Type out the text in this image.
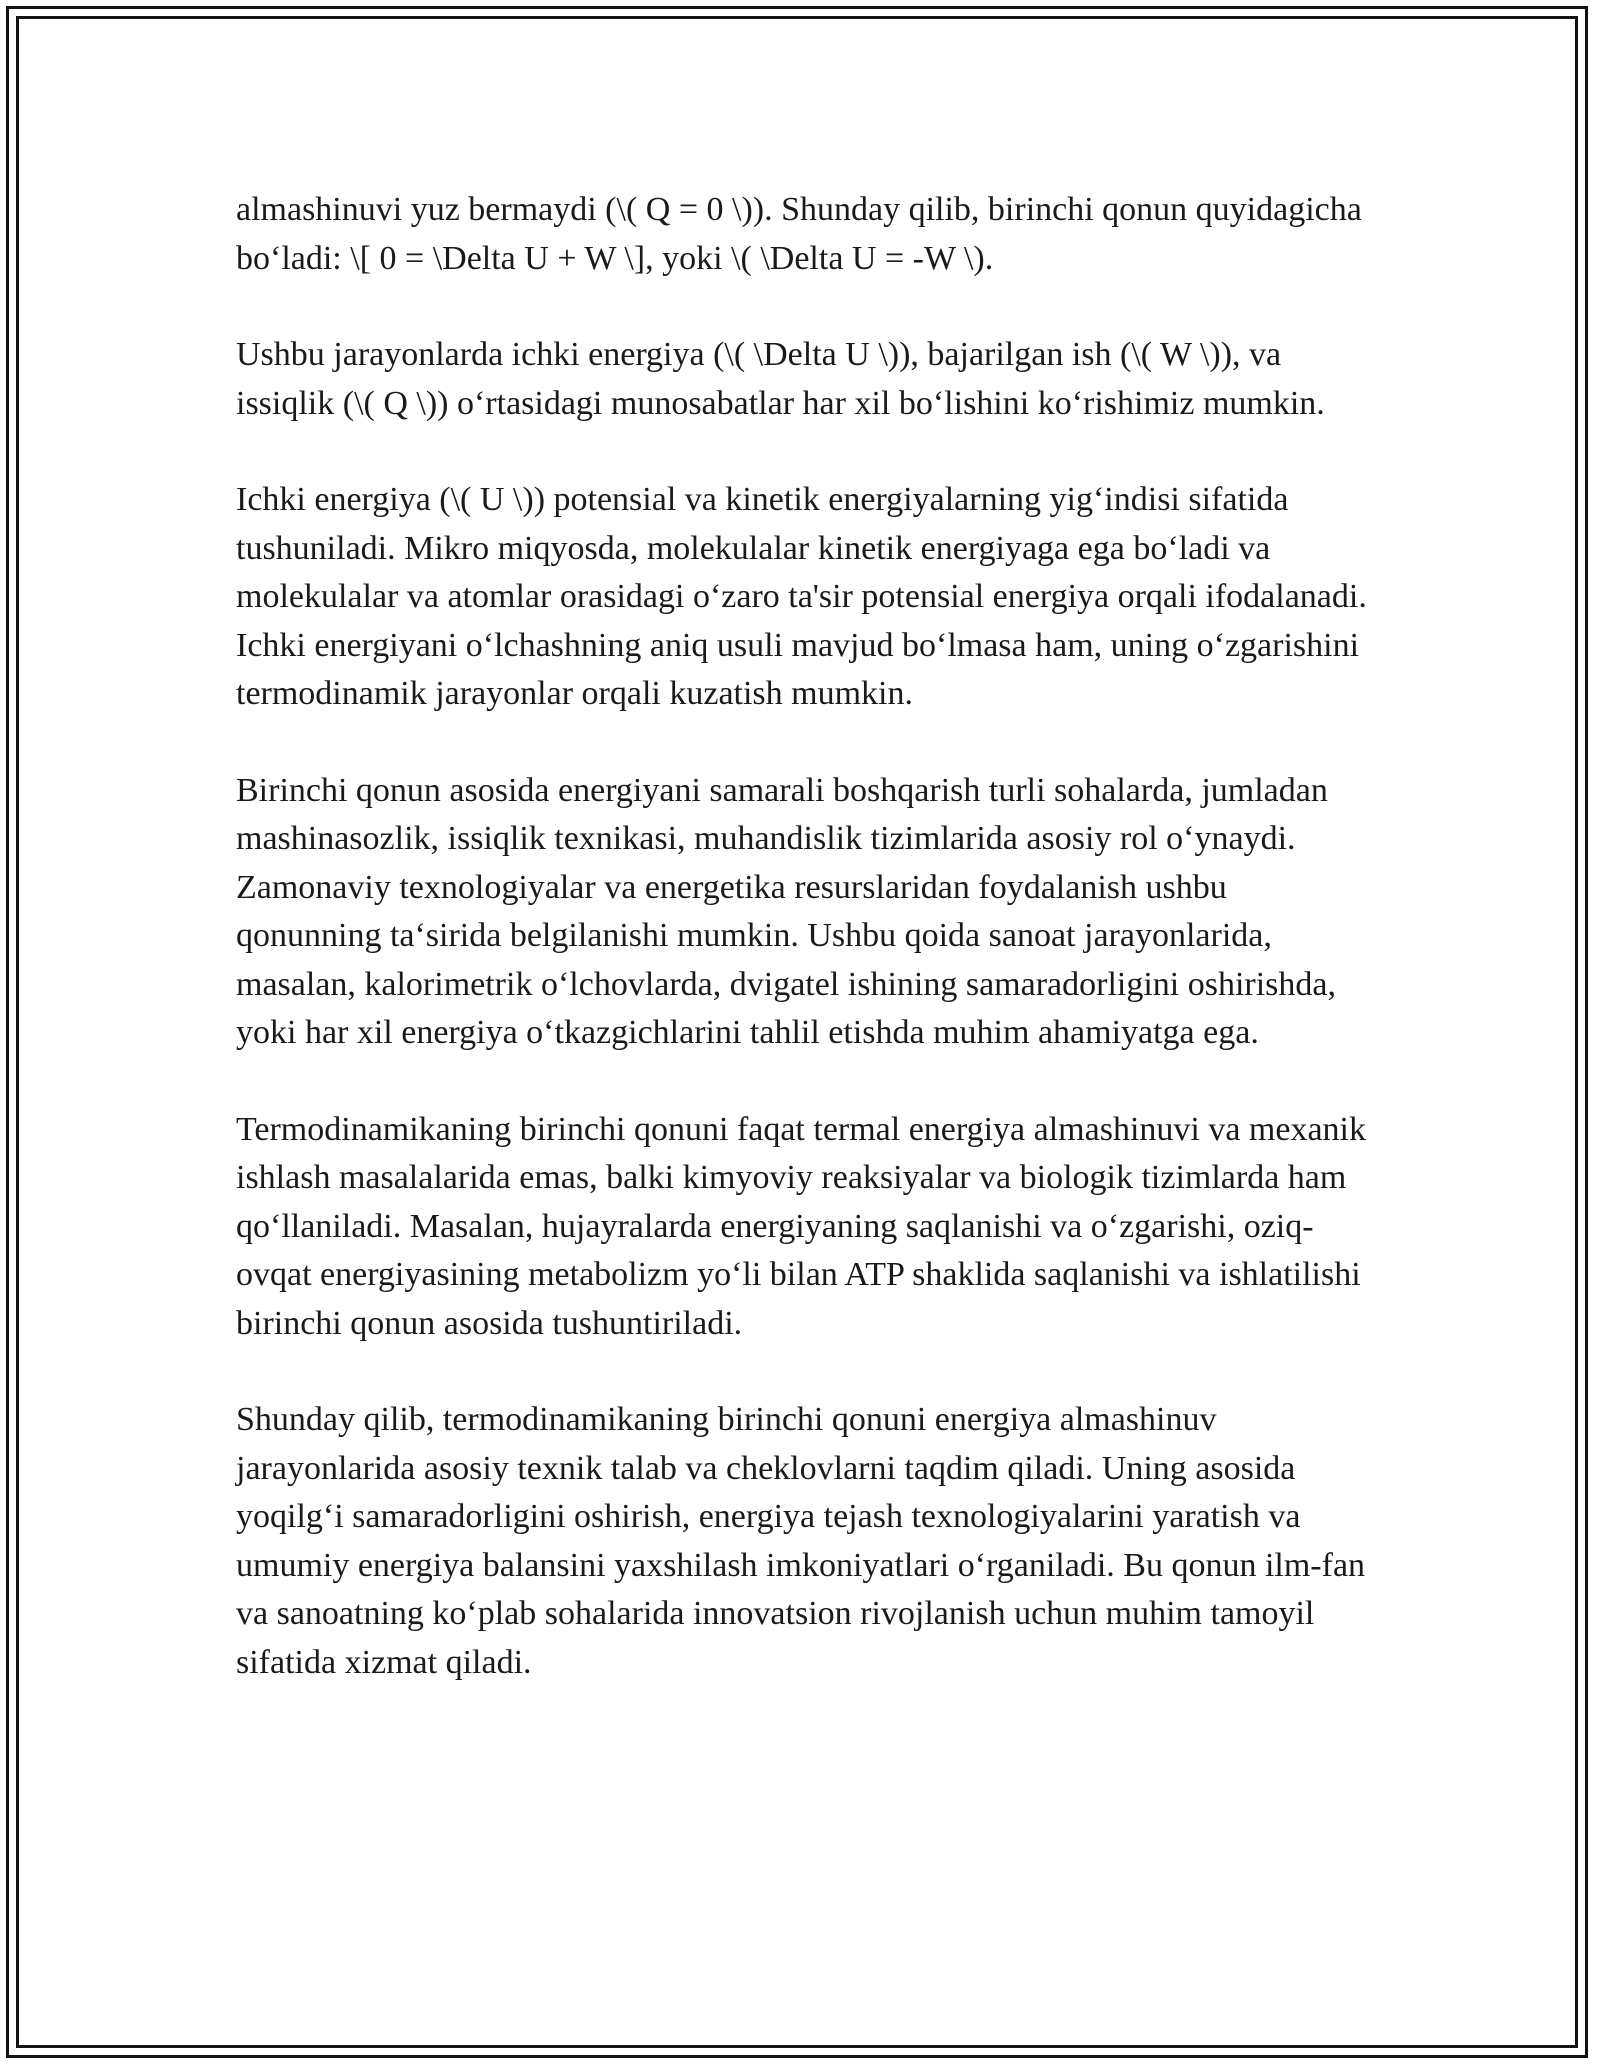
almashinuvi yuz bermaydi (\( Q = 0 \)). Shunday qilib, birinchi qonun quyidagicha bo‘ladi: \[ 0 = \Delta U + W \], yoki \( \Delta U = -W \).

Ushbu jarayonlarda ichki energiya (\( \Delta U \)), bajarilgan ish (\( W \)), va issiqlik (\( Q \)) o‘rtasidagi munosabatlar har xil bo‘lishini ko‘rishimiz mumkin.

Ichki energiya (\( U \)) potensial va kinetik energiyalarning yig‘indisi sifatida tushuniladi. Mikro miqyosda, molekulalar kinetik energiyaga ega bo‘ladi va molekulalar va atomlar orasidagi o‘zaro ta'sir potensial energiya orqali ifodalanadi. Ichki energiyani o‘lchashning aniq usuli mavjud bo‘lmasa ham, uning o‘zgarishini termodinamik jarayonlar orqali kuzatish mumkin.

Birinchi qonun asosida energiyani samarali boshqarish turli sohalarda, jumladan mashinasozlik, issiqlik texnikasi, muhandislik tizimlarida asosiy rol o‘ynaydi. Zamonaviy texnologiyalar va energetika resurslaridan foydalanish ushbu qonunning ta‘sirida belgilanishi mumkin. Ushbu qoida sanoat jarayonlarida, masalan, kalorimetrik o‘lchovlarda, dvigatel ishining samaradorligini oshirishda, yoki har xil energiya o‘tkazgichlarini tahlil etishda muhim ahamiyatga ega.

Termodinamikaning birinchi qonuni faqat termal energiya almashinuvi va mexanik ishlash masalalarida emas, balki kimyoviy reaksiyalar va biologik tizimlarda ham qo‘llaniladi. Masalan, hujayralarda energiyaning saqlanishi va o‘zgarishi, oziq-ovqat energiyasining metabolizm yo‘li bilan ATP shaklida saqlanishi va ishlatilishi birinchi qonun asosida tushuntiriladi.

Shunday qilib, termodinamikaning birinchi qonuni energiya almashinuv jarayonlarida asosiy texnik talab va cheklovlarni taqdim qiladi. Uning asosida yoqilg‘i samaradorligini oshirish, energiya tejash texnologiyalarini yaratish va umumiy energiya balansini yaxshilash imkoniyatlari o‘rganiladi. Bu qonun ilm-fan va sanoatning ko‘plab sohalarida innovatsion rivojlanish uchun muhim tamoyil sifatida xizmat qiladi.
